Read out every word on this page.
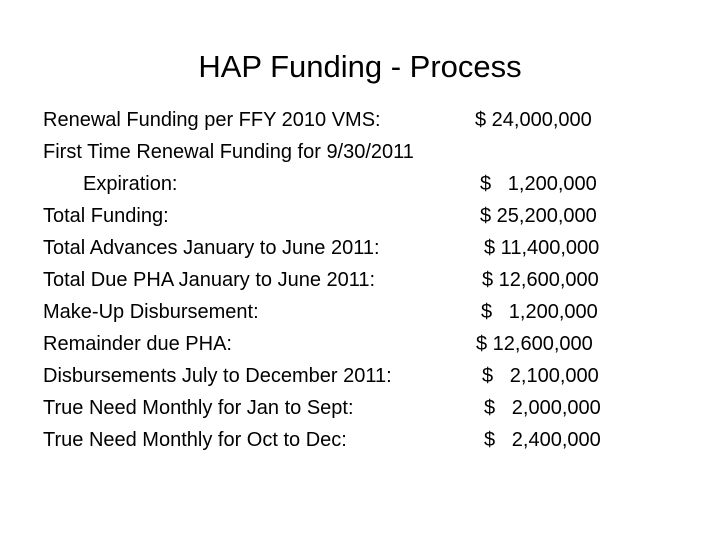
HAP Funding - Process
Renewal Funding per FFY 2010 VMS:	$ 24,000,000
First Time Renewal Funding for 9/30/2011
Expiration:	$   1,200,000
Total Funding:	$ 25,200,000
Total Advances January to June 2011:	$ 11,400,000
Total Due PHA January to June 2011:	$ 12,600,000
Make-Up Disbursement:	$   1,200,000
Remainder due PHA:	$ 12,600,000
Disbursements July to December 2011:	$   2,100,000
True Need Monthly for Jan to Sept:	$   2,000,000
True Need Monthly for Oct to Dec:	$   2,400,000
